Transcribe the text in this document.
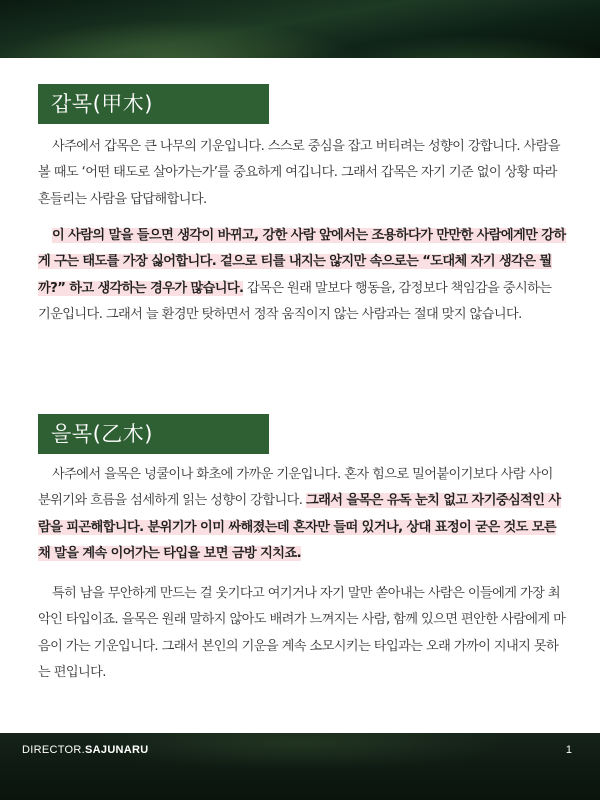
갑목(甲木)
사주에서 갑목은 큰 나무의 기운입니다. 스스로 중심을 잡고 버티려는 성향이 강합니다. 사람을 볼 때도 ‘어떤 태도로 살아가는가’를 중요하게 여깁니다. 그래서 갑목은 자기 기준 없이 상황 따라 흔들리는 사람을 답답해합니다.
이 사람의 말을 들으면 생각이 바뀌고, 강한 사람 앞에서는 조용하다가 만만한 사람에게만 강하게 구는 태도를 가장 싫어합니다. 겉으로 티를 내지는 않지만 속으로는 “도대체 자기 생각은 뭘까?” 하고 생각하는 경우가 많습니다. 갑목은 원래 말보다 행동을, 감정보다 책임감을 중시하는 기운입니다. 그래서 늘 환경만 탓하면서 정작 움직이지 않는 사람과는 절대 맞지 않습니다.
을목(乙木)
사주에서 을목은 넝쿨이나 화초에 가까운 기운입니다. 혼자 힘으로 밀어붙이기보다 사람 사이 분위기와 흐름을 섬세하게 읽는 성향이 강합니다. 그래서 을목은 유독 눈치 없고 자기중심적인 사람을 피곤해합니다. 분위기가 이미 싸해졌는데 혼자만 들떠 있거나, 상대 표정이 굳은 것도 모른 채 말을 계속 이어가는 타입을 보면 금방 지치죠.
특히 남을 무안하게 만드는 걸 웃기다고 여기거나 자기 말만 쏟아내는 사람은 이들에게 가장 최악인 타입이죠. 을목은 원래 말하지 않아도 배려가 느껴지는 사람, 함께 있으면 편안한 사람에게 마음이 가는 기운입니다. 그래서 본인의 기운을 계속 소모시키는 타입과는 오래 가까이 지내지 못하는 편입니다.
DIRECTOR.SAJUNARU	1
